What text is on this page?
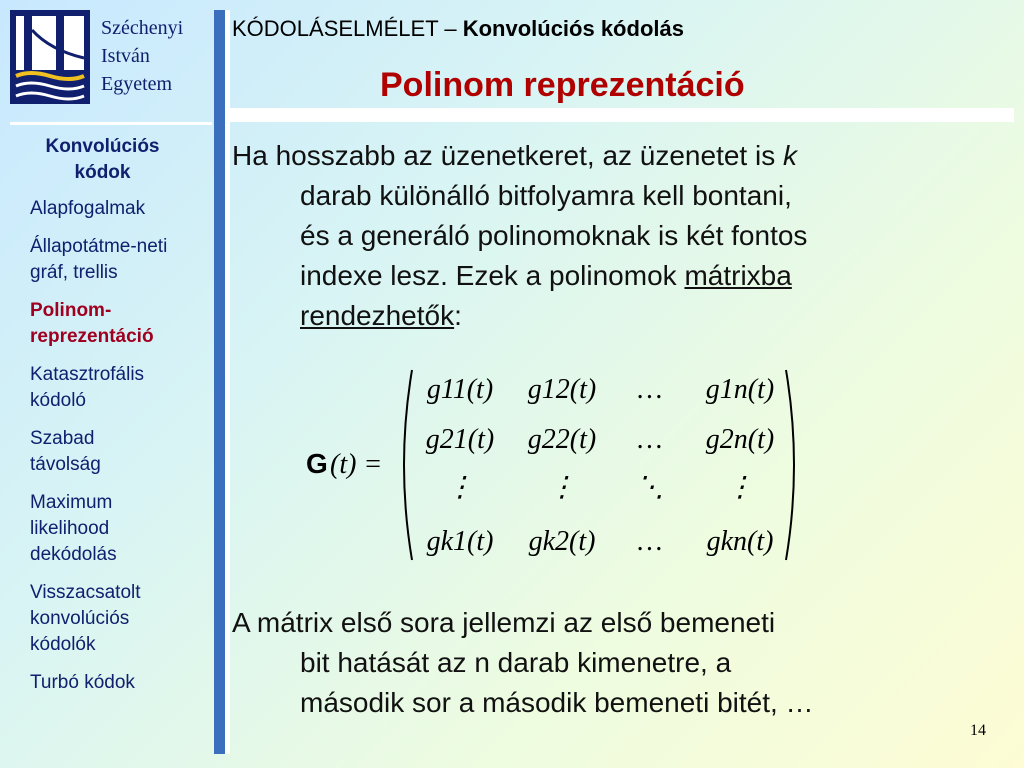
Széchenyi
István
Egyetem
KÓDOLÁSELMÉLET – Konvolúciós kódolás
Polinom reprezentáció
Konvolúciós kódok
Alapfogalmak
Állapotátme-neti gráf, trellis
Polinom-reprezentáció
Katasztrofális kódoló
Szabad távolság
Maximum likelihood dekódolás
Visszacsatolt konvolúciós kódolók
Turbó kódok
Ha hosszabb az üzenetkeret, az üzenetet is k
darab különálló bitfolyamra kell bontani,
és a generáló polinomoknak is két fontos
indexe lesz. Ezek a polinomok mátrixba
rendezhetők:
G (t) =
g11(t) g12(t) … g1n(t)
g21(t) g22(t) … g2n(t)
⋮	⋮ ⋱ ⋮
gk1(t) gk2(t) … gkn(t)
A mátrix első sora jellemzi az első bemeneti
bit hatását az n darab kimenetre, a
második sor a második bemeneti bitét, …
14
